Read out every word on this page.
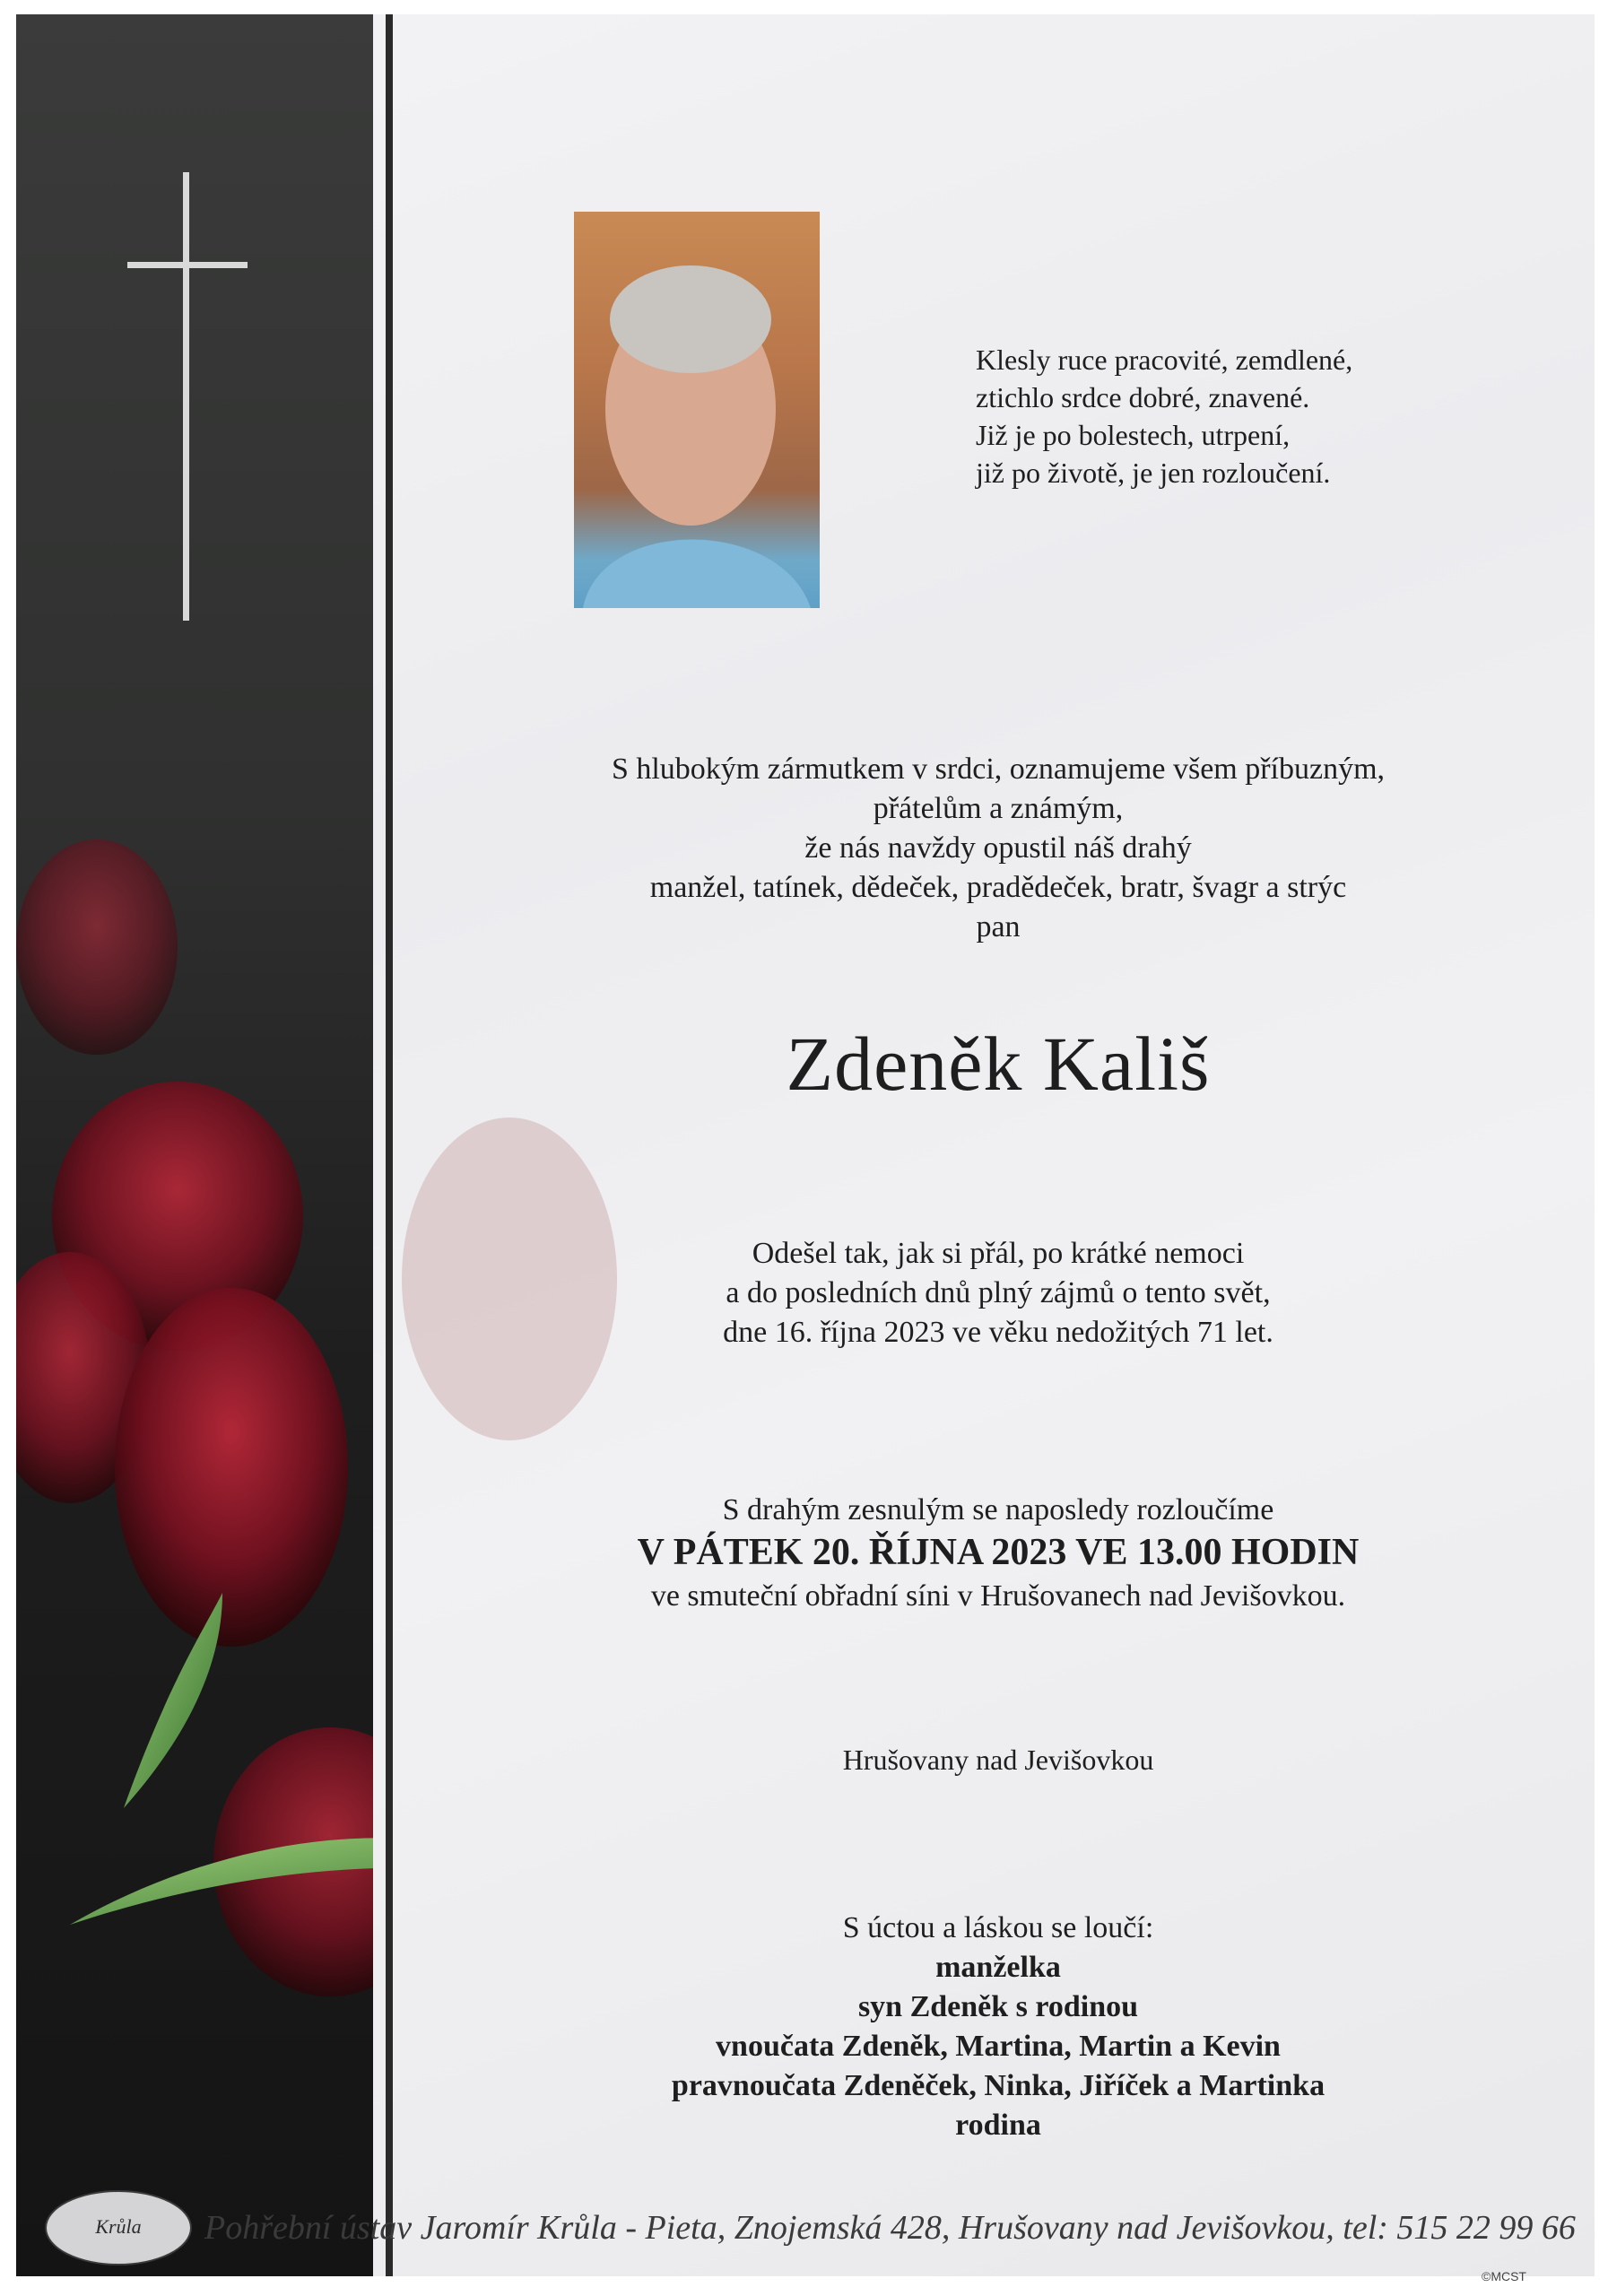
Klesly ruce pracovité, zemdlené,
ztichlo srdce dobré, znavené.
Již je po bolestech, utrpení,
již po životě, je jen rozloučení.
S hlubokým zármutkem v srdci, oznamujeme všem příbuzným,
přátelům a známým,
že nás navždy opustil náš drahý
manžel, tatínek, dědeček, pradědeček, bratr, švagr a strýc
pan
Zdeněk Kališ
Odešel tak, jak si přál, po krátké nemoci
a do posledních dnů plný zájmů o tento svět,
dne 16. října 2023 ve věku nedožitých 71 let.
S drahým zesnulým se naposledy rozloučíme
V PÁTEK 20. ŘÍJNA 2023 VE 13.00 HODIN
ve smuteční obřadní síni v Hrušovanech nad Jevišovkou.
Hrušovany nad Jevišovkou
S úctou a láskou se loučí:
manželka
syn Zdeněk s rodinou
vnoučata Zdeněk, Martina, Martin a Kevin
pravnoučata Zdeněček, Ninka, Jiříček a Martinka
rodina
Krůla	Pohřební ústav Jaromír Krůla - Pieta, Znojemská 428, Hrušovany nad Jevišovkou, tel: 515 22 99 66
©MCST
